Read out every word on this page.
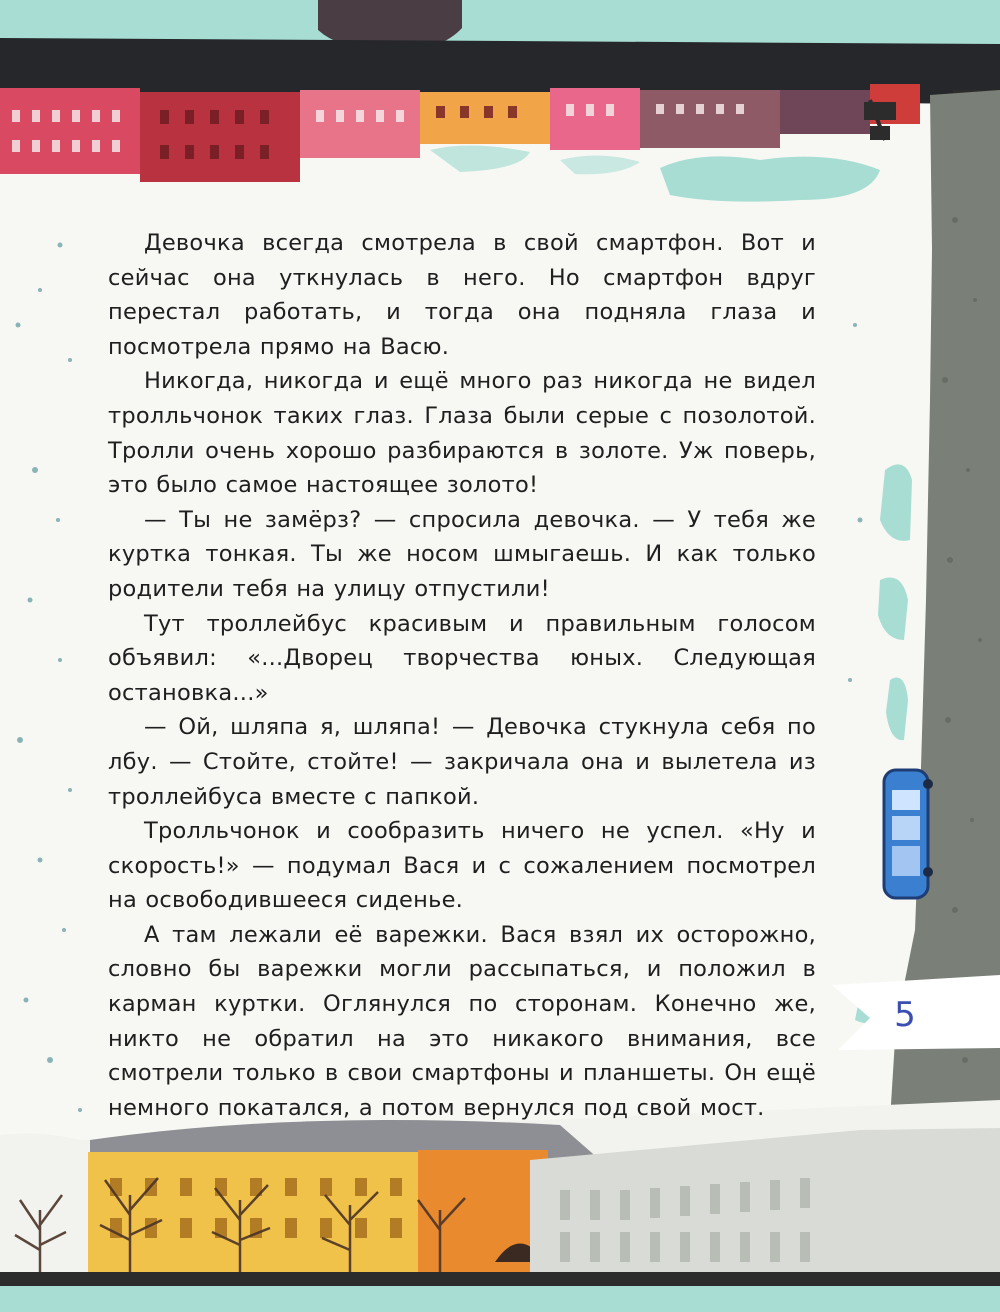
Девочка всегда смотрела в свой смартфон. Вот и сейчас она уткнулась в него. Но смартфон вдруг перестал работать, и тогда она подняла глаза и посмотрела прямо на Васю.

Никогда, никогда и ещё много раз никогда не видел тролльчонок таких глаз. Глаза были серые с позолотой. Тролли очень хорошо разбираются в золоте. Уж поверь, это было самое настоящее золото!

— Ты не замёрз? — спросила девочка. — У тебя же куртка тонкая. Ты же носом шмыгаешь. И как только родители тебя на улицу отпустили!

Тут троллейбус красивым и правильным голосом объявил: «...Дворец творчества юных. Следующая остановка...»

— Ой, шляпа я, шляпа! — Девочка стукнула себя по лбу. — Стойте, стойте! — закричала она и вылетела из троллейбуса вместе с папкой.

Тролльчонок и сообразить ничего не успел. «Ну и скорость!» — подумал Вася и с сожалением посмотрел на освободившееся сиденье.

А там лежали её варежки. Вася взял их осторожно, словно бы варежки могли рассыпаться, и положил в карман куртки. Оглянулся по сторонам. Конечно же, никто не обратил на это никакого внимания, все смотрели только в свои смартфоны и планшеты. Он ещё немного покатался, а потом вернулся под свой мост.

5
